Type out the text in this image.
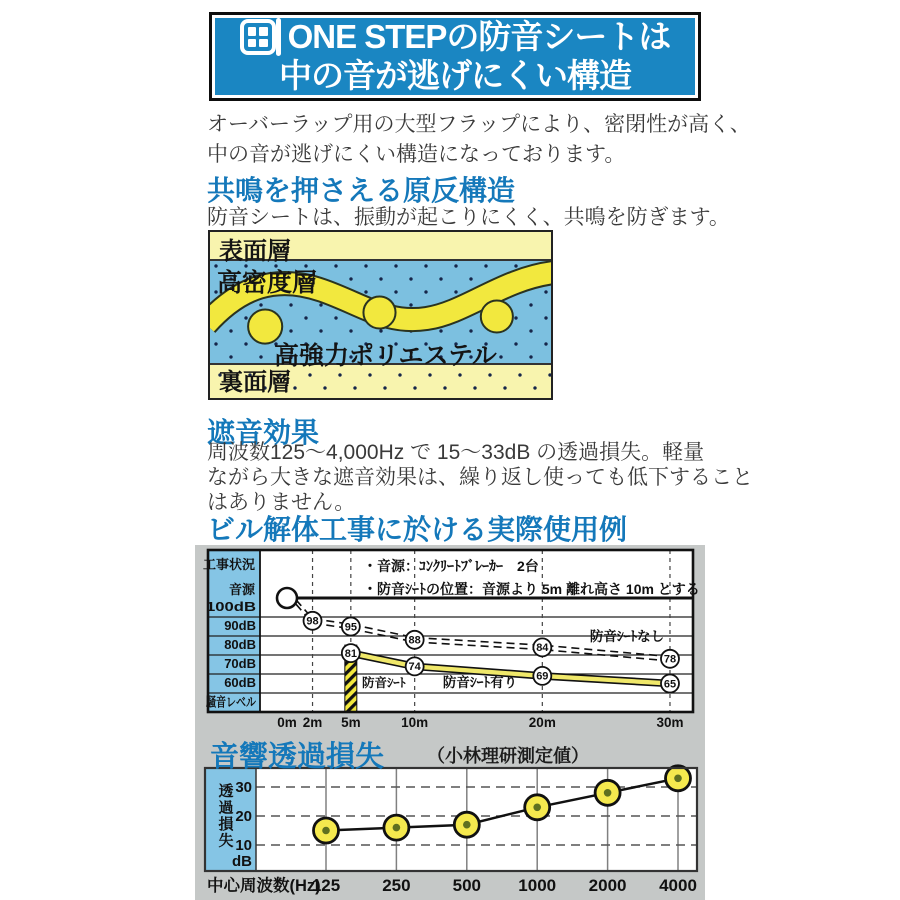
ONE STEPの防音シートは
中の音が逃げにくい構造
オーバーラップ用の大型フラップにより、密閉性が高く、
中の音が逃げにくい構造になっております。
共鳴を押さえる原反構造
防音シートは、振動が起こりにくく、共鳴を防ぎます。
表面層
高密度層
高強力ポリエステル
裏面層
遮音効果
周波数125〜4,000Hz で 15〜33dB の透過損失。軽量
ながら大きな遮音効果は、繰り返し使っても低下すること
はありません。
ビル解体工事に於ける実際使用例
98 95
88
84
78
81
74
69
65
工事状況
音源
100dB
90dB
80dB
70dB
60dB
騒音レベル
・音源：ｺﾝｸﾘｰﾄﾌﾞﾚｰｶｰ　2台
・防音ｼｰﾄの位置：音源より 5m 離れ高さ 10m とする
防音ｼｰﾄなし
防音ｼｰﾄ有り
防音ｼｰﾄ
0m 2m 5m	10m	20m	30m
音響透過損失 （小林理研測定値）
30
20
10
dB
透
過
損
失
中心周波数(Hz)
125 250 500 1000 2000 4000
